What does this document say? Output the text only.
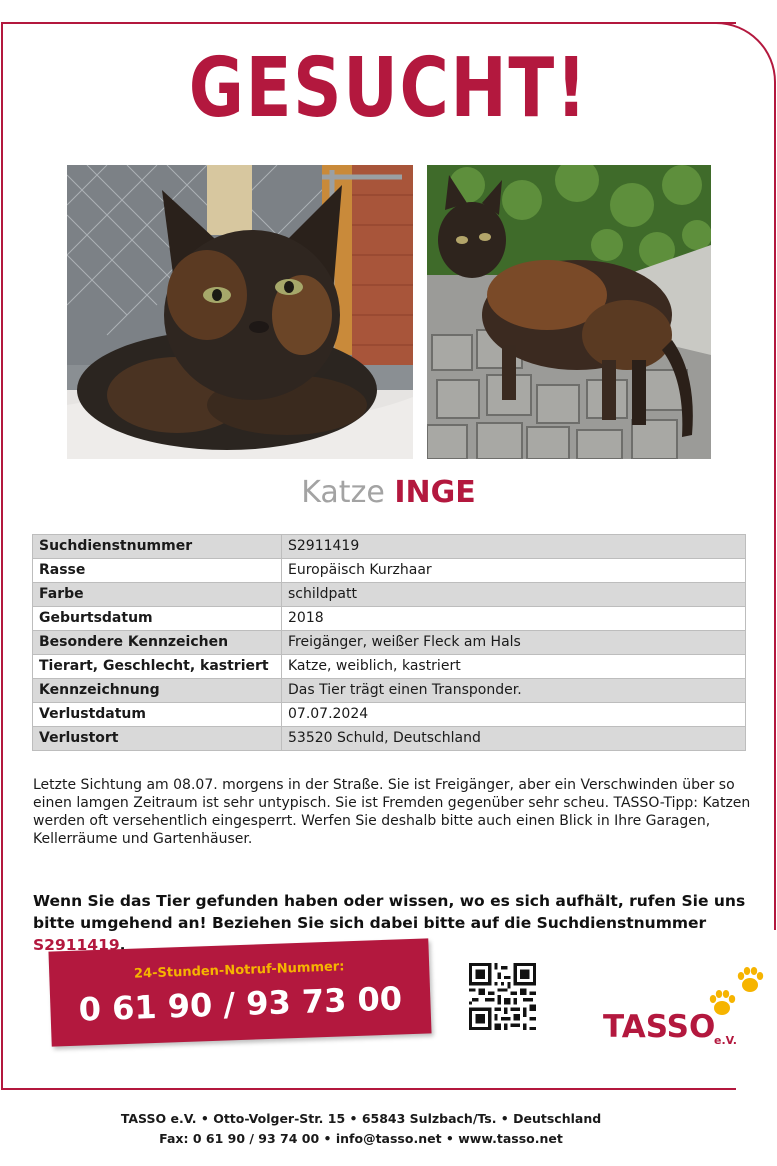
GESUCHT!
Katze INGE
Suchdienstnummer	S2911419
Rasse	Europäisch Kurzhaar
Farbe	schildpatt
Geburtsdatum	2018
Besondere Kennzeichen	Freigänger, weißer Fleck am Hals
Tierart, Geschlecht, kastriert	Katze, weiblich, kastriert
Kennzeichnung	Das Tier trägt einen Transponder.
Verlustdatum	07.07.2024
Verlustort	53520 Schuld, Deutschland
Letzte Sichtung am 08.07. morgens in der Straße. Sie ist Freigänger, aber ein Verschwinden über so einen lamgen Zeitraum ist sehr untypisch. Sie ist Fremden gegenüber sehr scheu. TASSO-Tipp: Katzen werden oft versehentlich eingesperrt. Werfen Sie deshalb bitte auch einen Blick in Ihre Garagen, Kellerräume und Gartenhäuser.
Wenn Sie das Tier gefunden haben oder wissen, wo es sich aufhält, rufen Sie uns bitte umgehend an! Beziehen Sie sich dabei bitte auf die Suchdienstnummer S2911419.
24-Stunden-Notruf-Nummer:
0 61 90 / 93 73 00	TASSO
e.V.
TASSO e.V. • Otto-Volger-Str. 15 • 65843 Sulzbach/Ts. • Deutschland
Fax: 0 61 90 / 93 74 00 • info@tasso.net • www.tasso.net
